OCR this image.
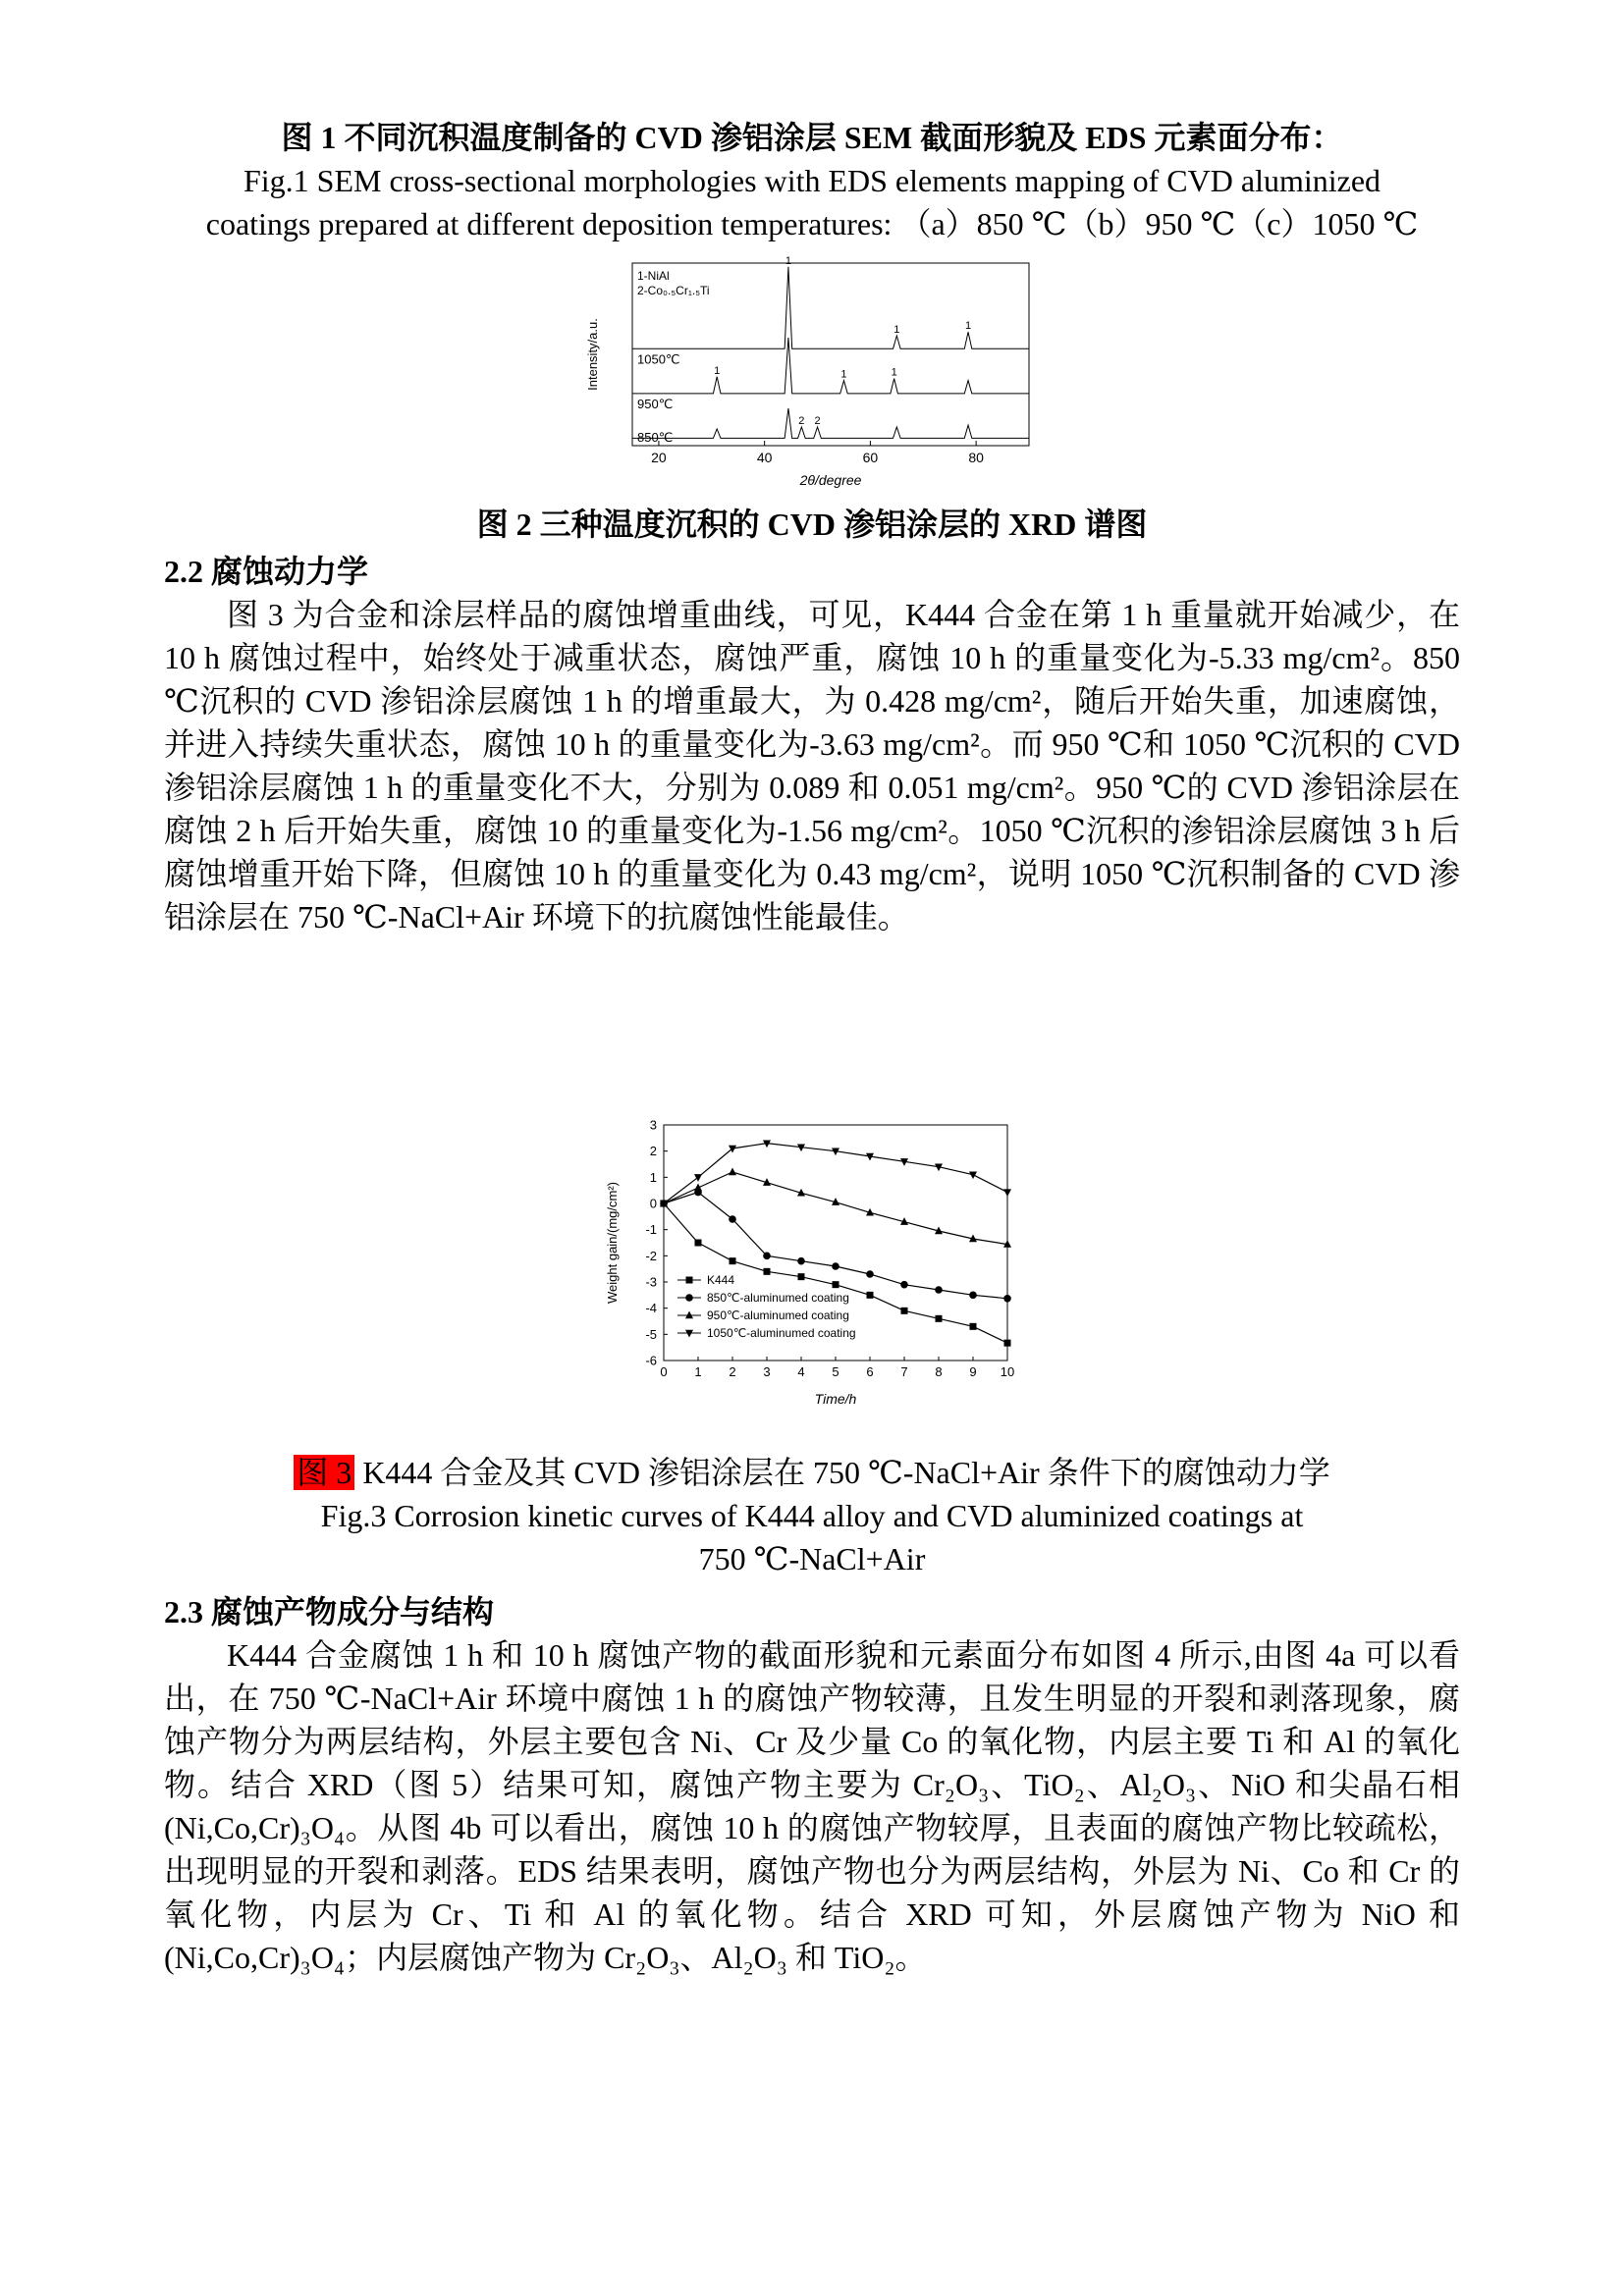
图 1 不同沉积温度制备的 CVD 渗铝涂层 SEM 截面形貌及 EDS 元素面分布：
Fig.1 SEM cross-sectional morphologies with EDS elements mapping of CVD aluminized
coatings prepared at different deposition temperatures: （a）850 ℃（b）950 ℃（c）1050 ℃
20	40	60	80
1050℃
1
1	1
950℃
1	1	1
850℃
2 2
1-NiAl
2-Co₀.₅Cr₁.₅Ti
2θ/degree
Intensity/a.u.
图 2 三种温度沉积的 CVD 渗铝涂层的 XRD 谱图
2.2 腐蚀动力学

图 3 为合金和涂层样品的腐蚀增重曲线，可见，K444 合金在第 1 h 重量就开始减少，在 10 h 腐蚀过程中，始终处于减重状态，腐蚀严重，腐蚀 10 h 的重量变化为-5.33 mg/cm²。850 ℃沉积的 CVD 渗铝涂层腐蚀 1 h 的增重最大，为 0.428 mg/cm²，随后开始失重，加速腐蚀，并进入持续失重状态，腐蚀 10 h 的重量变化为-3.63 mg/cm²。而 950 ℃和 1050 ℃沉积的 CVD 渗铝涂层腐蚀 1 h 的重量变化不大，分别为 0.089 和 0.051 mg/cm²。950 ℃的 CVD 渗铝涂层在腐蚀 2 h 后开始失重，腐蚀 10 的重量变化为-1.56 mg/cm²。1050 ℃沉积的渗铝涂层腐蚀 3 h 后腐蚀增重开始下降，但腐蚀 10 h 的重量变化为 0.43 mg/cm²，说明 1050 ℃沉积制备的 CVD 渗铝涂层在 750 ℃-NaCl+Air 环境下的抗腐蚀性能最佳。

0 1 2 3 4 5 6 7 8 9 10
-6
-5
-4
-3
-2
-1
0
1
2
3
K444
850℃-aluminumed coating
950℃-aluminumed coating
1050℃-aluminumed coating
Time/h
Weight gain/(mg/cm²)
图 3 K444 合金及其 CVD 渗铝涂层在 750 ℃-NaCl+Air 条件下的腐蚀动力学
Fig.3 Corrosion kinetic curves of K444 alloy and CVD aluminized coatings at
750 ℃-NaCl+Air
2.3 腐蚀产物成分与结构

K444 合金腐蚀 1 h 和 10 h 腐蚀产物的截面形貌和元素面分布如图 4 所示,由图 4a 可以看出，在 750 ℃-NaCl+Air 环境中腐蚀 1 h 的腐蚀产物较薄，且发生明显的开裂和剥落现象，腐蚀产物分为两层结构，外层主要包含 Ni、Cr 及少量 Co 的氧化物，内层主要 Ti 和 Al 的氧化物。结合 XRD（图 5）结果可知，腐蚀产物主要为 Cr₂O₃、TiO₂、Al₂O₃、NiO 和尖晶石相(Ni,Co,Cr)₃O₄。从图 4b 可以看出，腐蚀 10 h 的腐蚀产物较厚，且表面的腐蚀产物比较疏松，出现明显的开裂和剥落。EDS 结果表明，腐蚀产物也分为两层结构，外层为 Ni、Co 和 Cr 的氧化物，内层为 Cr、Ti 和 Al 的氧化物。结合 XRD 可知，外层腐蚀产物为 NiO 和 (Ni,Co,Cr)₃O₄；内层腐蚀产物为 Cr₂O₃、Al₂O₃ 和 TiO₂。
